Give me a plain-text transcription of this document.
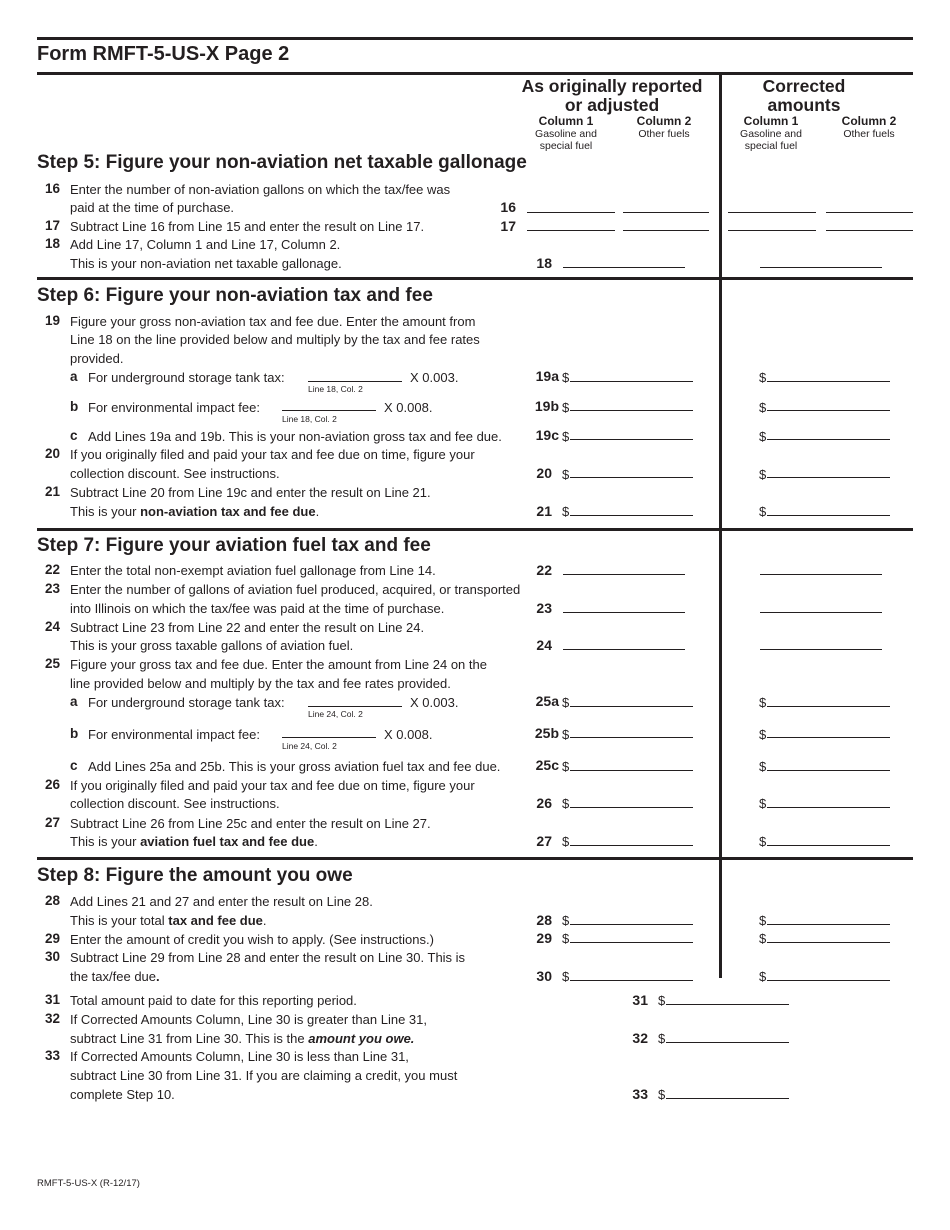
Form RMFT-5-US-X Page 2
As originally reported
or adjusted
Corrected
amounts
Column 1
Gasoline and
special fuel
Column 2
Other fuels
Column 1
Gasoline and
special fuel
Column 2
Other fuels
Step 5: Figure your non-aviation net taxable gallonage
16 Enter the number of non-aviation gallons on which the tax/fee was
paid at the time of purchase.	16
17 Subtract Line 16 from Line 15 and enter the result on Line 17.	17
18 Add Line 17, Column 1 and Line 17, Column 2.
This is your non-aviation net taxable gallonage.	18
Step 6: Figure your non-aviation tax and fee
19 Figure your gross non-aviation tax and fee due. Enter the amount from
Line 18 on the line provided below and multiply by the tax and fee rates
provided.
a For underground storage tank tax:
Line 18, Col. 2
X 0.003.	19a $	$
b For environmental impact fee:
Line 18, Col. 2
X 0.008.	19b $	$
c Add Lines 19a and 19b. This is your non-aviation gross tax and fee due.	19c $	$
20 If you originally filed and paid your tax and fee due on time, figure your
collection discount. See instructions.	20 $	$
21 Subtract Line 20 from Line 19c and enter the result on Line 21.
This is your non-aviation tax and fee due.	21 $	$
Step 7: Figure your aviation fuel tax and fee
22 Enter the total non-exempt aviation fuel gallonage from Line 14.	22
23 Enter the number of gallons of aviation fuel produced, acquired, or transported
into Illinois on which the tax/fee was paid at the time of purchase.	23
24 Subtract Line 23 from Line 22 and enter the result on Line 24.
This is your gross taxable gallons of aviation fuel.	24
25 Figure your gross tax and fee due. Enter the amount from Line 24 on the
line provided below and multiply by the tax and fee rates provided.
a For underground storage tank tax:
Line 24, Col. 2
X 0.003.	25a $	$
b For environmental impact fee:
Line 24, Col. 2
X 0.008.	25b $	$
c Add Lines 25a and 25b. This is your gross aviation fuel tax and fee due.	25c $	$
26 If you originally filed and paid your tax and fee due on time, figure your
collection discount. See instructions.	26 $	$
27 Subtract Line 26 from Line 25c and enter the result on Line 27.
This is your aviation fuel tax and fee due.	27 $	$
Step 8: Figure the amount you owe
28 Add Lines 21 and 27 and enter the result on Line 28.
This is your total tax and fee due.	28 $	$
29 Enter the amount of credit you wish to apply. (See instructions.)	29 $	$
30 Subtract Line 29 from Line 28 and enter the result on Line 30. This is
the tax/fee due.	30 $	$
31 Total amount paid to date for this reporting period.	31 $
32 If Corrected Amounts Column, Line 30 is greater than Line 31,
subtract Line 31 from Line 30. This is the amount you owe.	32 $
33 If Corrected Amounts Column, Line 30 is less than Line 31,
subtract Line 30 from Line 31. If you are claiming a credit, you must
complete Step 10.	33 $
RMFT-5-US-X (R-12/17)
